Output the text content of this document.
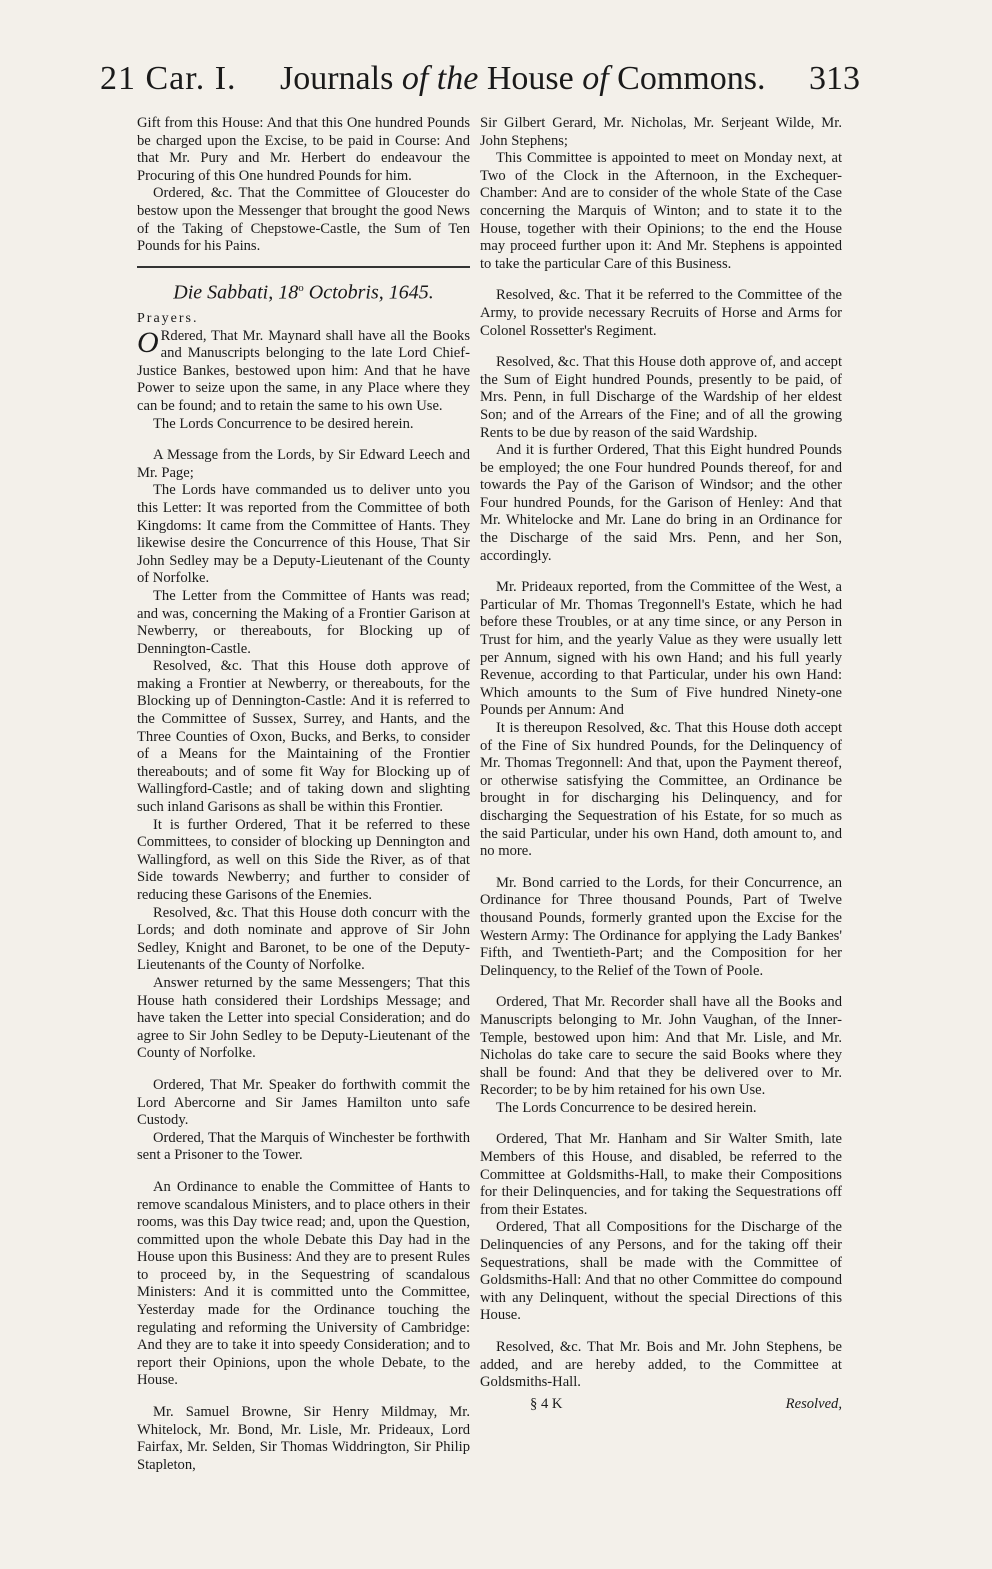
21 Car. I. Journals of the House of Commons. 313

Gift from this House: And that this One hundred Pounds be charged upon the Excise, to be paid in Course: And that Mr. Pury and Mr. Herbert do endeavour the Procuring of this One hundred Pounds for him.

Ordered, &c. That the Committee of Gloucester do bestow upon the Messenger that brought the good News of the Taking of Chepstowe-Castle, the Sum of Ten Pounds for his Pains.

Die Sabbati, 18$^o$ Octobris, 1645.

Prayers.

O Rdered, That Mr. Maynard shall have all the Books and Manuscripts belonging to the late Lord Chief-Justice Bankes, bestowed upon him: And that he have Power to seize upon the same, in any Place where they can be found; and to retain the same to his own Use.

The Lords Concurrence to be desired herein.

A Message from the Lords, by Sir Edward Leech and Mr. Page;

The Lords have commanded us to deliver unto you this Letter: It was reported from the Committee of both Kingdoms: It came from the Committee of Hants. They likewise desire the Concurrence of this House, That Sir John Sedley may be a Deputy-Lieutenant of the County of Norfolke.

The Letter from the Committee of Hants was read; and was, concerning the Making of a Frontier Garison at Newberry, or thereabouts, for Blocking up of Dennington-Castle.

Resolved, &c. That this House doth approve of making a Frontier at Newberry, or thereabouts, for the Blocking up of Dennington-Castle: And it is referred to the Committee of Sussex, Surrey, and Hants, and the Three Counties of Oxon, Bucks, and Berks, to consider of a Means for the Maintaining of the Frontier thereabouts; and of some fit Way for Blocking up of Wallingford-Castle; and of taking down and slighting such inland Garisons as shall be within this Frontier.

It is further Ordered, That it be referred to these Committees, to consider of blocking up Dennington and Wallingford, as well on this Side the River, as of that Side towards Newberry; and further to consider of reducing these Garisons of the Enemies.

Resolved, &c. That this House doth concurr with the Lords; and doth nominate and approve of Sir John Sedley, Knight and Baronet, to be one of the Deputy-Lieutenants of the County of Norfolke.

Answer returned by the same Messengers; That this House hath considered their Lordships Message; and have taken the Letter into special Consideration; and do agree to Sir John Sedley to be Deputy-Lieutenant of the County of Norfolke.

Ordered, That Mr. Speaker do forthwith commit the Lord Abercorne and Sir James Hamilton unto safe Custody.

Ordered, That the Marquis of Winchester be forthwith sent a Prisoner to the Tower.

An Ordinance to enable the Committee of Hants to remove scandalous Ministers, and to place others in their rooms, was this Day twice read; and, upon the Question, committed upon the whole Debate this Day had in the House upon this Business: And they are to present Rules to proceed by, in the Sequestring of scandalous Ministers: And it is committed unto the Committee, Yesterday made for the Ordinance touching the regulating and reforming the University of Cambridge: And they are to take it into speedy Consideration; and to report their Opinions, upon the whole Debate, to the House.

Mr. Samuel Browne, Sir Henry Mildmay, Mr. Whitelock, Mr. Bond, Mr. Lisle, Mr. Prideaux, Lord Fairfax, Mr. Selden, Sir Thomas Widdrington, Sir Philip Stapleton,

Sir Gilbert Gerard, Mr. Nicholas, Mr. Serjeant Wilde, Mr. John Stephens;

This Committee is appointed to meet on Monday next, at Two of the Clock in the Afternoon, in the Exchequer-Chamber: And are to consider of the whole State of the Case concerning the Marquis of Winton; and to state it to the House, together with their Opinions; to the end the House may proceed further upon it: And Mr. Stephens is appointed to take the particular Care of this Business.

Resolved, &c. That it be referred to the Committee of the Army, to provide necessary Recruits of Horse and Arms for Colonel Rossetter's Regiment.

Resolved, &c. That this House doth approve of, and accept the Sum of Eight hundred Pounds, presently to be paid, of Mrs. Penn, in full Discharge of the Wardship of her eldest Son; and of the Arrears of the Fine; and of all the growing Rents to be due by reason of the said Wardship.

And it is further Ordered, That this Eight hundred Pounds be employed; the one Four hundred Pounds thereof, for and towards the Pay of the Garison of Windsor; and the other Four hundred Pounds, for the Garison of Henley: And that Mr. Whitelocke and Mr. Lane do bring in an Ordinance for the Discharge of the said Mrs. Penn, and her Son, accordingly.

Mr. Prideaux reported, from the Committee of the West, a Particular of Mr. Thomas Tregonnell's Estate, which he had before these Troubles, or at any time since, or any Person in Trust for him, and the yearly Value as they were usually lett per Annum, signed with his own Hand; and his full yearly Revenue, according to that Particular, under his own Hand: Which amounts to the Sum of Five hundred Ninety-one Pounds per Annum: And

It is thereupon Resolved, &c. That this House doth accept of the Fine of Six hundred Pounds, for the Delinquency of Mr. Thomas Tregonnell: And that, upon the Payment thereof, or otherwise satisfying the Committee, an Ordinance be brought in for discharging his Delinquency, and for discharging the Sequestration of his Estate, for so much as the said Particular, under his own Hand, doth amount to, and no more.

Mr. Bond carried to the Lords, for their Concurrence, an Ordinance for Three thousand Pounds, Part of Twelve thousand Pounds, formerly granted upon the Excise for the Western Army: The Ordinance for applying the Lady Bankes' Fifth, and Twentieth-Part; and the Composition for her Delinquency, to the Relief of the Town of Poole.

Ordered, That Mr. Recorder shall have all the Books and Manuscripts belonging to Mr. John Vaughan, of the Inner-Temple, bestowed upon him: And that Mr. Lisle, and Mr. Nicholas do take care to secure the said Books where they shall be found: And that they be delivered over to Mr. Recorder; to be by him retained for his own Use.

The Lords Concurrence to be desired herein.

Ordered, That Mr. Hanham and Sir Walter Smith, late Members of this House, and disabled, be referred to the Committee at Goldsmiths-Hall, to make their Compositions for their Delinquencies, and for taking the Sequestrations off from their Estates.

Ordered, That all Compositions for the Discharge of the Delinquencies of any Persons, and for the taking off their Sequestrations, shall be made with the Committee of Goldsmiths-Hall: And that no other Committee do compound with any Delinquent, without the special Directions of this House.

Resolved, &c. That Mr. Bois and Mr. John Stephens, be added, and are hereby added, to the Committee at Goldsmiths-Hall.

§ 4 K	Resolved,
